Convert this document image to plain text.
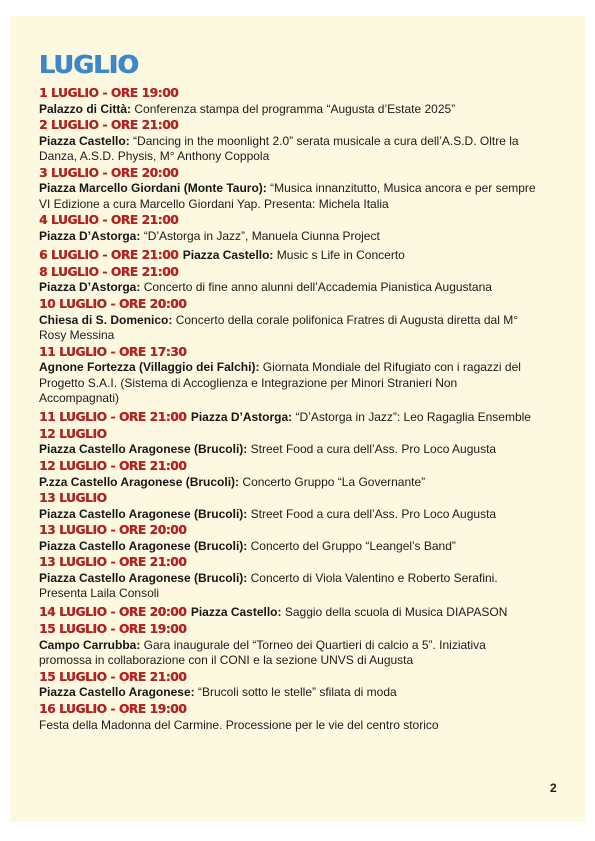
LUGLIO
1 LUGLIO - ORE 19:00
Palazzo di Città: Conferenza stampa del programma “Augusta d’Estate 2025”
2 LUGLIO - ORE 21:00
Piazza Castello: “Dancing in the moonlight 2.0” serata musicale a cura dell’A.S.D. Oltre la Danza, A.S.D. Physis, M° Anthony Coppola
3 LUGLIO - ORE 20:00
Piazza Marcello Giordani (Monte Tauro): “Musica innanzitutto, Musica ancora e per sempre VI Edizione a cura Marcello Giordani Yap. Presenta: Michela Italia
4 LUGLIO - ORE 21:00
Piazza D’Astorga: “D’Astorga in Jazz”, Manuela Ciunna Project
6 LUGLIO - ORE 21:00 Piazza Castello: Music s Life in Concerto
8 LUGLIO - ORE 21:00
Piazza D’Astorga: Concerto di fine anno alunni dell’Accademia Pianistica Augustana
10 LUGLIO - ORE 20:00
Chiesa di S. Domenico: Concerto della corale polifonica Fratres di Augusta diretta dal M° Rosy Messina
11 LUGLIO - ORE 17:30
Agnone Fortezza (Villaggio dei Falchi): Giornata Mondiale del Rifugiato con i ragazzi del Progetto S.A.I. (Sistema di Accoglienza e Integrazione per Minori Stranieri Non Accompagnati)
11 LUGLIO - ORE 21:00 Piazza D’Astorga: “D’Astorga in Jazz”: Leo Ragaglia Ensemble
12 LUGLIO
Piazza Castello Aragonese (Brucoli): Street Food a cura dell’Ass. Pro Loco Augusta
12 LUGLIO - ORE 21:00
P.zza Castello Aragonese (Brucoli): Concerto Gruppo “La Governante”
13 LUGLIO
Piazza Castello Aragonese (Brucoli): Street Food a cura dell’Ass. Pro Loco Augusta
13 LUGLIO - ORE 20:00
Piazza Castello Aragonese (Brucoli): Concerto del Gruppo “Leangel’s Band”
13 LUGLIO - ORE 21:00
Piazza Castello Aragonese (Brucoli): Concerto di Viola Valentino e Roberto Serafini. Presenta Laila Consoli
14 LUGLIO - ORE 20:00 Piazza Castello: Saggio della scuola di Musica DIAPASON
15 LUGLIO - ORE 19:00
Campo Carrubba: Gara inaugurale del “Torneo dei Quartieri di calcio a 5”. Iniziativa promossa in collaborazione con il CONI e la sezione UNVS di Augusta
15 LUGLIO - ORE 21:00
Piazza Castello Aragonese: “Brucoli sotto le stelle” sfilata di moda
16 LUGLIO - ORE 19:00
Festa della Madonna del Carmine. Processione per le vie del centro storico
2
